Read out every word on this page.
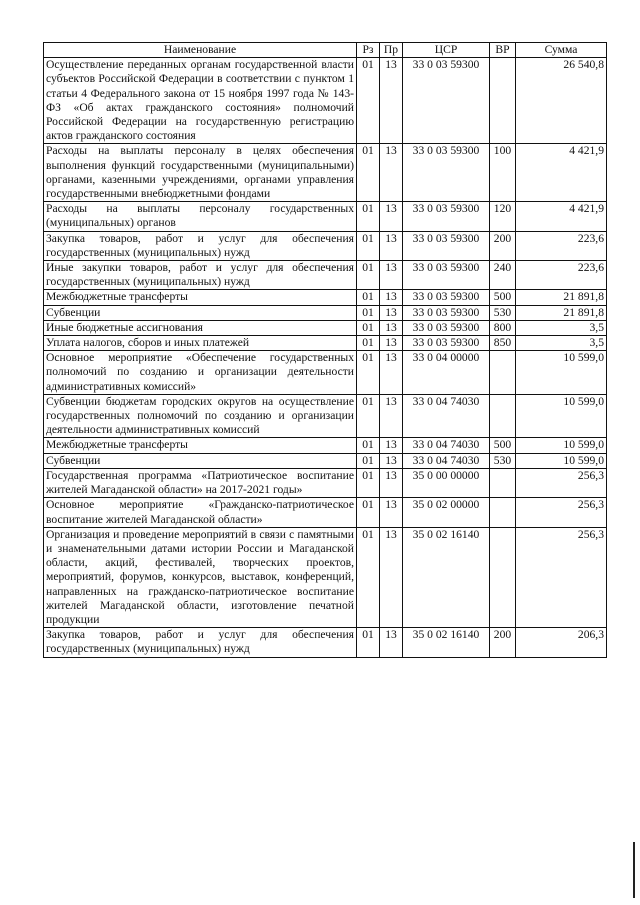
Наименование	Рз	Пр	ЦСР	ВР	Сумма
Осуществление переданных органам государственной власти субъектов Российской Федерации в соответствии с пунктом 1 статьи 4 Федерального закона от 15 ноября 1997 года № 143-ФЗ «Об актах гражданского состояния» полномочий Российской Федерации на государственную регистрацию актов гражданского состояния	01	13	33 0 03 59300		26 540,8
Расходы на выплаты персоналу в целях обеспечения выполнения функций государственными (муниципальными) органами, казенными учреждениями, органами управления государственными внебюджетными фондами	01	13	33 0 03 59300	100	4 421,9
Расходы на выплаты персоналу государственных (муниципальных) органов	01	13	33 0 03 59300	120	4 421,9
Закупка товаров, работ и услуг для обеспечения государственных (муниципальных) нужд	01	13	33 0 03 59300	200	223,6
Иные закупки товаров, работ и услуг для обеспечения государственных (муниципальных) нужд	01	13	33 0 03 59300	240	223,6
Межбюджетные трансферты	01	13	33 0 03 59300	500	21 891,8
Субвенции	01	13	33 0 03 59300	530	21 891,8
Иные бюджетные ассигнования	01	13	33 0 03 59300	800	3,5
Уплата налогов, сборов и иных платежей	01	13	33 0 03 59300	850	3,5
Основное мероприятие «Обеспечение государственных полномочий по созданию и организации деятельности административных комиссий»	01	13	33 0 04 00000		10 599,0
Субвенции бюджетам городских округов на осуществление государственных полномочий по созданию и организации деятельности административных комиссий	01	13	33 0 04 74030		10 599,0
Межбюджетные трансферты	01	13	33 0 04 74030	500	10 599,0
Субвенции	01	13	33 0 04 74030	530	10 599,0
Государственная программа «Патриотическое воспитание жителей Магаданской области» на 2017-2021 годы»	01	13	35 0 00 00000		256,3
Основное мероприятие «Гражданско-патриотическое воспитание жителей Магаданской области»	01	13	35 0 02 00000		256,3
Организация и проведение мероприятий в связи с памятными и знаменательными датами истории России и Магаданской области, акций, фестивалей, творческих проектов, мероприятий, форумов, конкурсов, выставок, конференций, направленных на гражданско-патриотическое воспитание жителей Магаданской области, изготовление печатной продукции	01	13	35 0 02 16140		256,3
Закупка товаров, работ и услуг для обеспечения государственных (муниципальных) нужд	01	13	35 0 02 16140	200	206,3
